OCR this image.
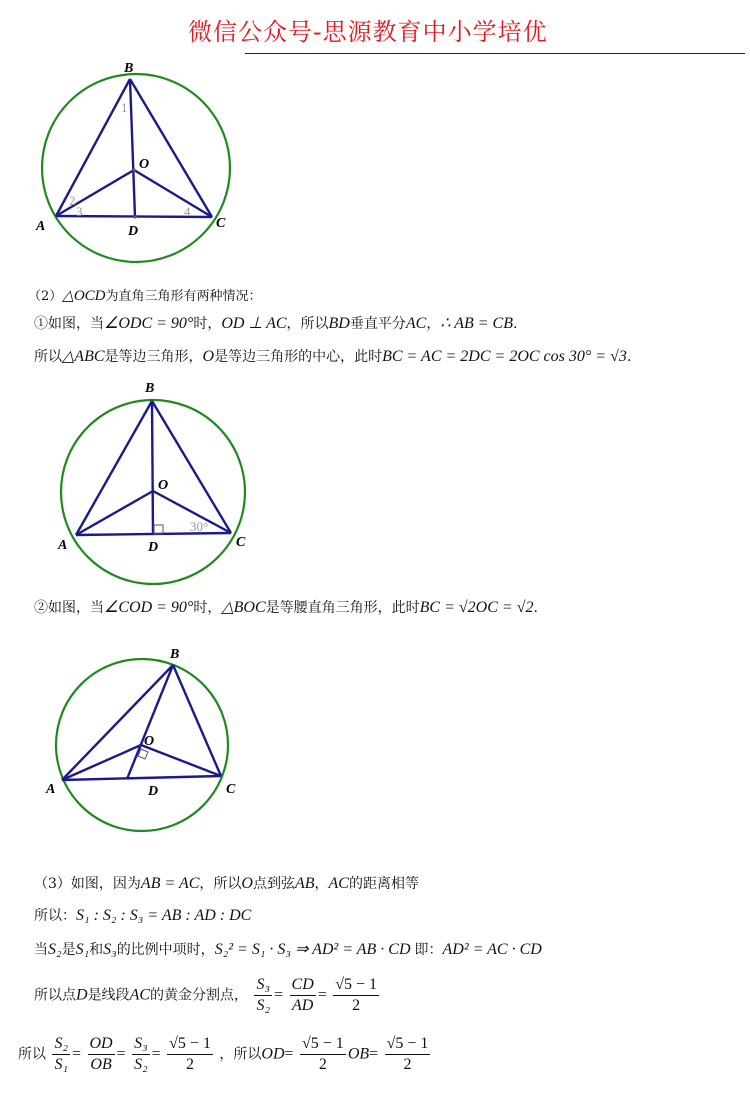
微信公众号-思源教育中小学培优
B
O
A	D
C
1
2
3	4
（2）△OCD为直角三角形有两种情况：
①如图，当∠ODC = 90°时，OD ⊥ AC，所以BD垂直平分AC，∴ AB = CB.
所以△ABC是等边三角形，O是等边三角形的中心，此时BC = AC = 2DC = 2OC cos 30° = √3.
B
O
A	D	C
30°
②如图，当∠COD = 90°时，△BOC是等腰直角三角形，此时BC = √2OC = √2.
B
O
A	D	C
（3）如图，因为AB = AC，所以O点到弦AB，AC的距离相等
所以：S₁ : S₂ : S₃ = AB : AD : DC
当S₂是S₁和S₃的比例中项时，S₂² = S₁ · S₃ ⇒ AD² = AB · CD 即：AD² = AC · CD
所以点D是线段AC的黄金分割点， $\frac{\text{S₃}}{\text{S₂}} = \frac{CD}{AD} = \frac{√5 - 1}{2}$
所以 $\frac{\text{S₂}}{\text{S₁}} = \frac{OD}{OB} = \frac{\text{S₃}}{\text{S₂}} = \frac{√5 - 1}{2}$ ，所以$OD= \frac{√5 - 1}{2} OB= \frac{√5 - 1}{2}$
